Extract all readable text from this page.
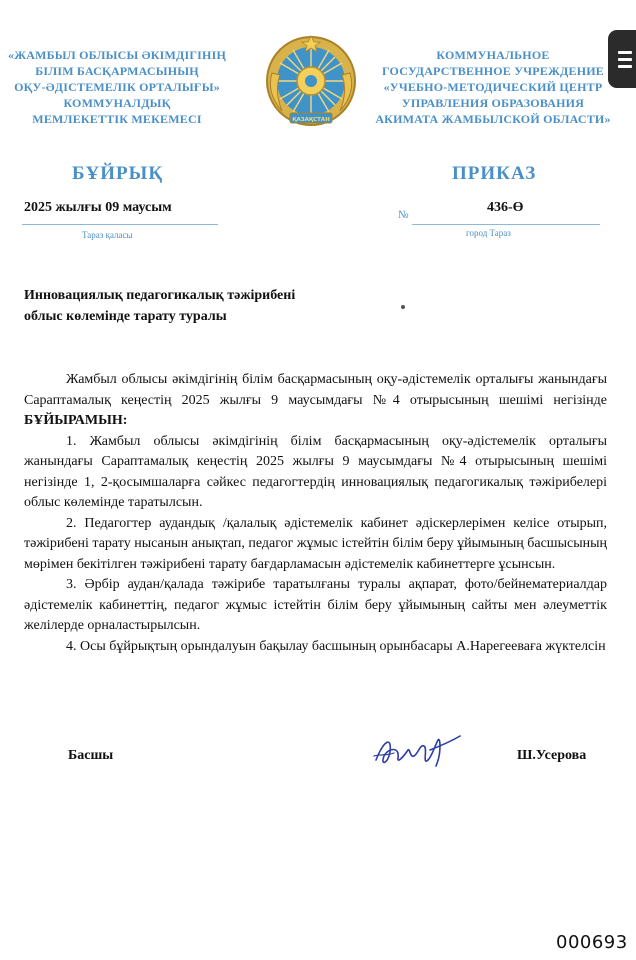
«ЖАМБЫЛ ОБЛЫСЫ ӘКІМДІГІНІҢ
БІЛІМ БАСҚАРМАСЫНЫҢ
ОҚУ-ӘДІСТЕМЕЛІК ОРТАЛЫҒЫ»
КОММУНАЛДЫҚ
МЕМЛЕКЕТТІК МЕКЕМЕСІ	ҚАЗАҚСТАН
КОММУНАЛЬНОЕ
ГОСУДАРСТВЕННОЕ УЧРЕЖДЕНИЕ
«УЧЕБНО-МЕТОДИЧЕСКИЙ ЦЕНТР
УПРАВЛЕНИЯ ОБРАЗОВАНИЯ
АКИМАТА ЖАМБЫЛСКОЙ ОБЛАСТИ»
БҰЙРЫҚ	ПРИКАЗ
2025 жылғы 09 маусым	№	436-Ө
Тараз қаласы	город Тараз
Инновациялық педагогикалық тәжірибені
облыс көлемінде тарату туралы

Жамбыл облысы әкімдігінің білім басқармасының оқу-әдістемелік орталығы жанындағы Сараптамалық кеңестің 2025 жылғы 9 маусымдағы №4 отырысының шешімі негізінде БҰЙЫРАМЫН:

1. Жамбыл облысы әкімдігінің білім басқармасының оқу-әдістемелік орталығы жанындағы Сараптамалық кеңестің 2025 жылғы 9 маусымдағы №4 отырысының шешімі негізінде 1, 2-қосымшаларға сәйкес педагогтердің инновациялық педагогикалық тәжірибелері облыс көлемінде таратылсын.

2. Педагогтер аудандық /қалалық әдістемелік кабинет әдіскерлерімен келісе отырып, тәжірибені тарату нысанын анықтап, педагог жұмыс істейтін білім беру ұйымының басшысының мөрімен бекітілген тәжірибені тарату бағдарламасын әдістемелік кабинеттерге ұсынсын.

3. Әрбір аудан/қалада тәжірибе таратылғаны туралы ақпарат, фото/бейнематериалдар әдістемелік кабинеттің, педагог жұмыс істейтін білім беру ұйымының сайты мен әлеуметтік желілерде орналастырылсын.

4. Осы бұйрықтың орындалуын бақылау басшының орынбасары А.Нарегееваға жүктелсін

Басшы	Ш.Усерова
000693
